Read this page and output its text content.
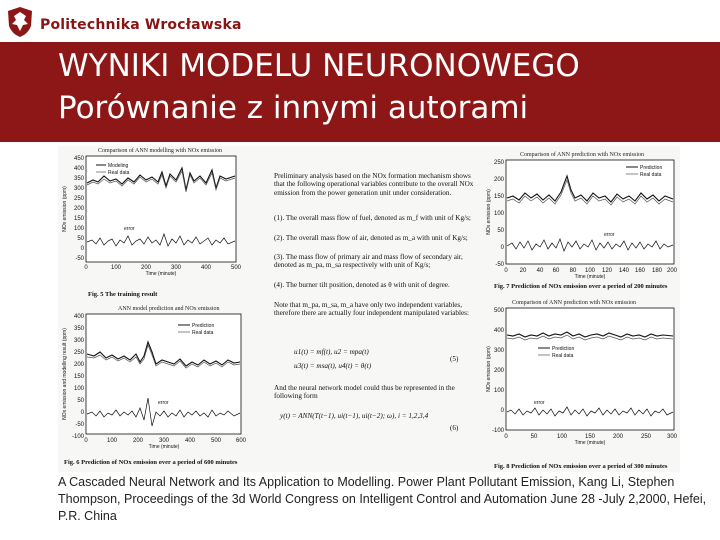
Politechnika Wrocławska
WYNIKI MODELU NEURONOWEGO
Porównanie z innymi autorami
Comparison of ANN modelling with NOx emission
450
400
350
300
250
200
150
100
50
0
-50
0	100	200	300	400	500
Time (minute)
NOx emission (ppm)
Modeling
Real data
error
Fig. 5 The training result
ANN model prediction and NOx emission
400
350
300
250
200
150
100
50
0
-50
-100
0	100	200	300	400	500 600
Time (minute)
NOx emission and modelling result (ppm)
Prediction
Real data
error
Fig. 6 Prediction of NOx emission over a period of 600 minutes
Comparison of ANN prediction with NOx emission
250
200
150
100
50
0
-50
0 20 40 60 80 100 120 140 160 180 200
Time (minute)
NOx emission (ppm)
Prediction
Real data
error
Fig. 7 Prediction of NOx emission over a period of 200 minutes
Comparison of ANN prediction with NOx emission
500
400
300
200
100
0
-100
0	50	100	150	200	250	300
Time (minute)
NOx emission (ppm)	Prediction
Real data
error
Fig. 8 Prediction of NOx emission over a period of 300 minutes
Preliminary analysis based on the NOx formation mechanism shows that the following operational variables contribute to the overall NOx emission from the power generation unit under consideration.
(1). The overall mass flow of fuel, denoted as m_f with unit of Kg/s;
(2). The overall mass flow of air, denoted as m_a with unit of Kg/s;
(3). The mass flow of primary air and mass flow of secondary air, denoted as m_pa, m_sa respectively with unit of Kg/s;
(4). The burner tilt position, denoted as θ with unit of degree.
Note that m_pa, m_sa, m_a have only two independent variables, therefore there are actually four independent manipulated variables:
u1(t) = mf(t), u2 = mpa(t)
u3(t) = msa(t), u4(t) = θ(t)
(5)
And the neural network model could thus be represented in the following form
y(t) = ANN(T(t−1), ui(t−1), ui(t−2); ω), i = 1,2,3,4
(6)
A Cascaded Neural Network and Its Application to Modelling. Power Plant Pollutant Emission, Kang Li, Stephen Thompson, Proceedings of the 3d World Congress on Intelligent Control and Automation June 28 -July 2,2000, Hefei, P.R. China
